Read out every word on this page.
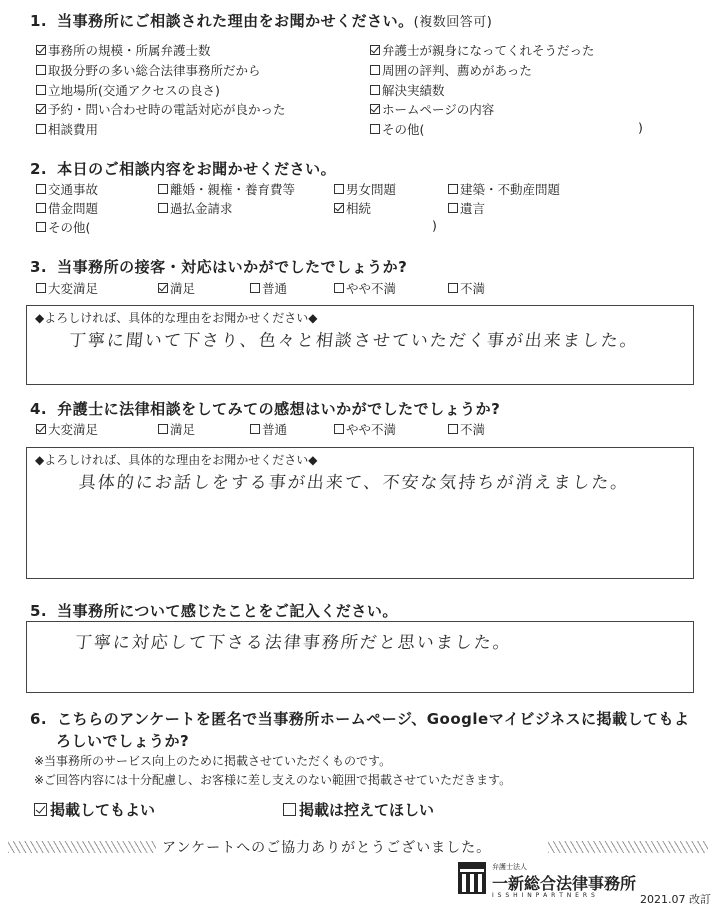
1. 当事務所にご相談された理由をお聞かせください。(複数回答可)
事務所の規模・所属弁護士数	弁護士が親身になってくれそうだった
取扱分野の多い総合法律事務所だから	周囲の評判、薦めがあった
立地場所(交通アクセスの良さ)	解決実績数
予約・問い合わせ時の電話対応が良かった	ホームページの内容
相談費用	その他(	)
2. 本日のご相談内容をお聞かせください。
交通事故	離婚・親権・養育費等	男女問題	建築・不動産問題
借金問題	過払金請求	相続	遺言
その他(	)
3. 当事務所の接客・対応はいかがでしたでしょうか?
大変満足	満足	普通	やや不満	不満
◆よろしければ、具体的な理由をお聞かせください◆
丁寧に聞いて下さり、色々と相談させていただく事が出来ました。
4. 弁護士に法律相談をしてみての感想はいかがでしたでしょうか?
大変満足	満足	普通	やや不満	不満
◆よろしければ、具体的な理由をお聞かせください◆
具体的にお話しをする事が出来て、不安な気持ちが消えました。
5. 当事務所について感じたことをご記入ください。
丁寧に対応して下さる法律事務所だと思いました。
6. こちらのアンケートを匿名で当事務所ホームページ、Googleマイビジネスに掲載してもよ
ろしいでしょうか?
※当事務所のサービス向上のために掲載させていただくものです。
※ご回答内容には十分配慮し、お客様に差し支えのない範囲で掲載させていただきます。
掲載してもよい	掲載は控えてほしい
アンケートへのご協力ありがとうございました。
弁護士法人
一新総合法律事務所
I S S H I N P A R T N E R S	2021.07 改訂
